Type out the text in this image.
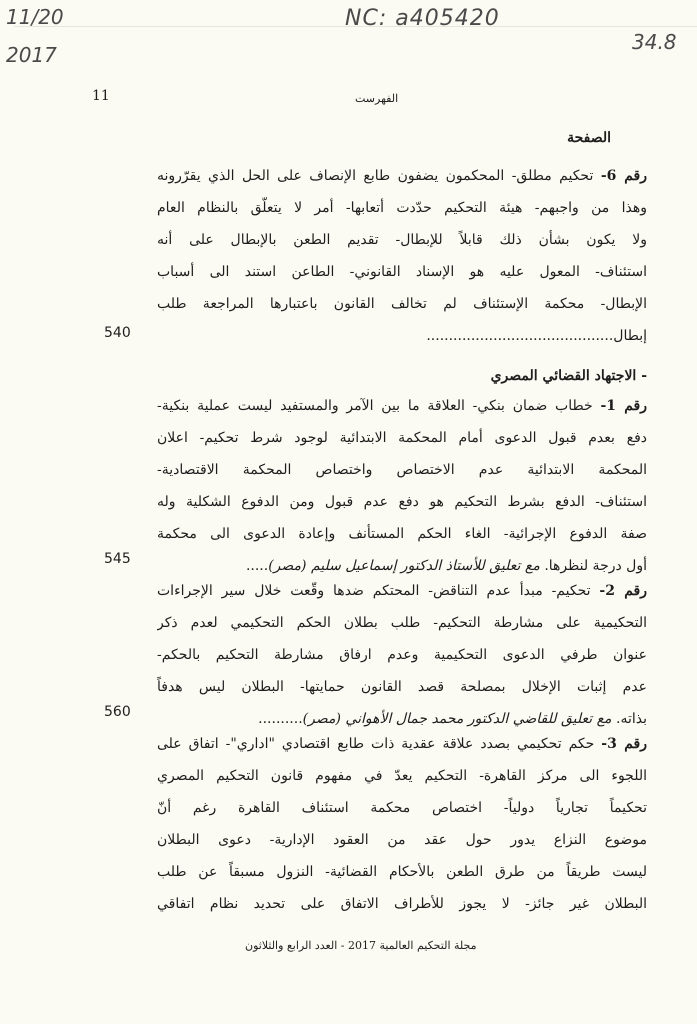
NC: a405420
11/20
2017
34.8
11	الفهرست
الصفحة
رقم 6- تحكيم مطلق- المحكمون يضفون طابع الإنصاف على الحل الذي يقرّرونه
وهذا من واجبهم- هيئة التحكيم حدّدت أتعابها- أمر لا يتعلّق بالنظام العام
ولا يكون بشأن ذلك قابلاً للإبطال- تقديم الطعن بالإبطال على أنه
استئناف- المعول عليه هو الإسناد القانوني- الطاعن استند الى أسباب
الإبطال- محكمة الإستئناف لم تخالف القانون باعتبارها المراجعة طلب
إبطال..........................................
540
- الاجتهاد القضائي المصري
رقم 1- خطاب ضمان بنكي- العلاقة ما بين الآمر والمستفيد ليست عملية بنكية-
دفع بعدم قبول الدعوى أمام المحكمة الابتدائية لوجود شرط تحكيم- اعلان
المحكمة الابتدائية عدم الاختصاص واختصاص المحكمة الاقتصادية-
استئناف- الدفع بشرط التحكيم هو دفع عدم قبول ومن الدفوع الشكلية وله
صفة الدفوع الإجرائية- الغاء الحكم المستأنف وإعادة الدعوى الى محكمة
أول درجة لنظرها. مع تعليق للأستاذ الدكتور إسماعيل سليم (مصر).....
545
رقم 2- تحكيم- مبدأ عدم التناقض- المحتكم ضدها وقّعت خلال سير الإجراءات
التحكيمية على مشارطة التحكيم- طلب بطلان الحكم التحكيمي لعدم ذكر
عنوان طرفي الدعوى التحكيمية وعدم ارفاق مشارطة التحكيم بالحكم-
عدم إثبات الإخلال بمصلحة قصد القانون حمايتها- البطلان ليس هدفاً
بذاته. مع تعليق للقاضي الدكتور محمد جمال الأهواني (مصر)..........
560
رقم 3- حكم تحكيمي بصدد علاقة عقدية ذات طابع اقتصادي "اداري"- اتفاق على
اللجوء الى مركز القاهرة- التحكيم يعدّ في مفهوم قانون التحكيم المصري
تحكيماً تجارياً دولياً- اختصاص محكمة استئناف القاهرة رغم أنّ
موضوع النزاع يدور حول عقد من العقود الإدارية- دعوى البطلان
ليست طريقاً من طرق الطعن بالأحكام القضائية- النزول مسبقاً عن طلب
البطلان غير جائز- لا يجوز للأطراف الاتفاق على تحديد نظام اتفاقي
مجلة التحكيم العالمية 2017 - العدد الرابع والثلاثون
